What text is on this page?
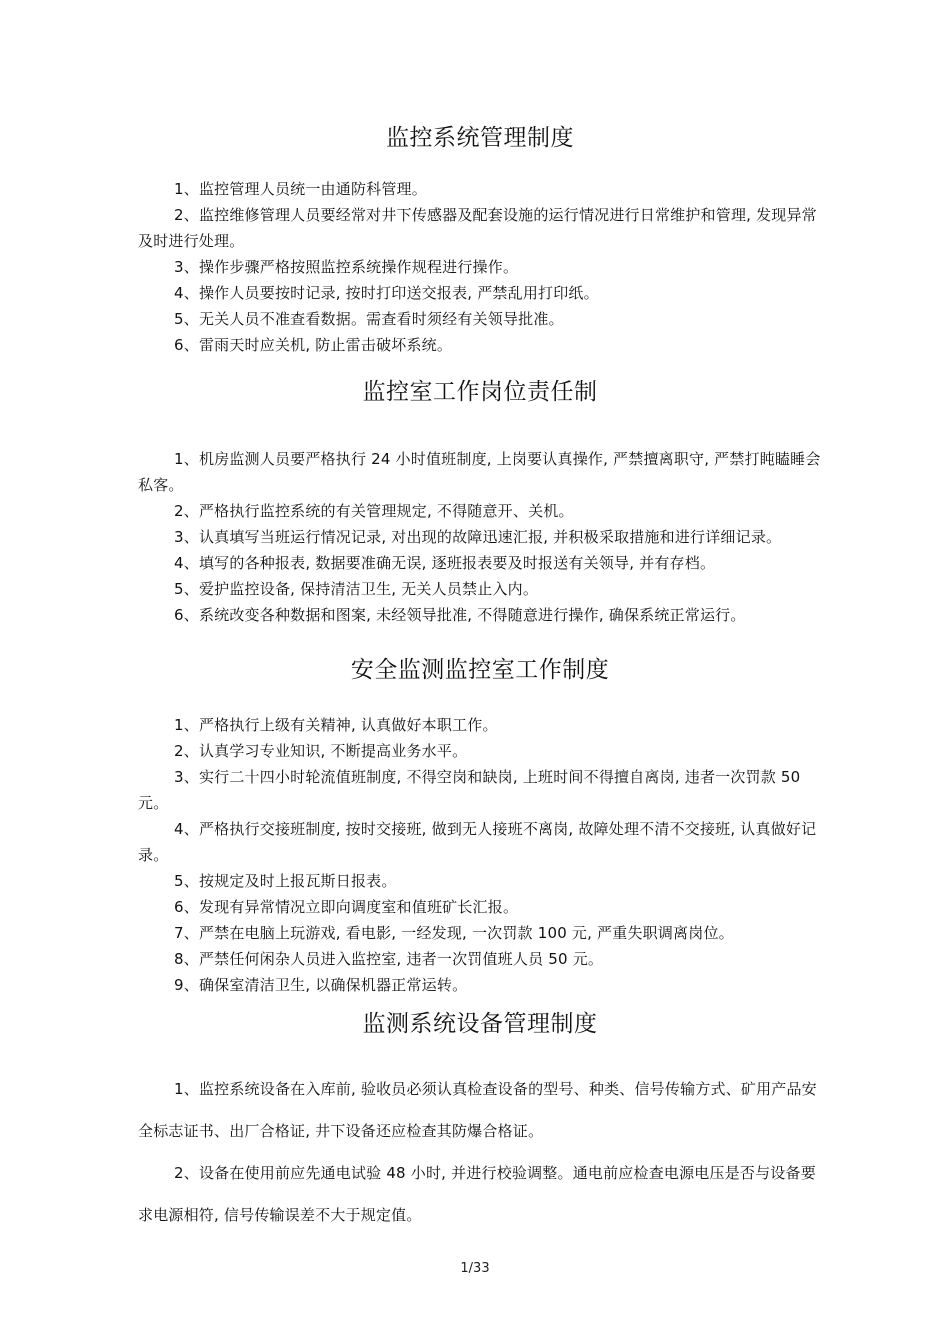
监控系统管理制度
1、监控管理人员统一由通防科管理。
2、监控维修管理人员要经常对井下传感器及配套设施的运行情况进行日常维护和管理, 发现异常及时进行处理。
3、操作步骤严格按照监控系统操作规程进行操作。
4、操作人员要按时记录, 按时打印送交报表, 严禁乱用打印纸。
5、无关人员不准查看数据。需查看时须经有关领导批准。
6、雷雨天时应关机, 防止雷击破坏系统。
监控室工作岗位责任制
1、机房监测人员要严格执行 24 小时值班制度, 上岗要认真操作, 严禁擅离职守, 严禁打盹瞌睡会私客。
2、严格执行监控系统的有关管理规定, 不得随意开、关机。
3、认真填写当班运行情况记录, 对出现的故障迅速汇报, 并积极采取措施和进行详细记录。
4、填写的各种报表, 数据要准确无误, 逐班报表要及时报送有关领导, 并有存档。
5、爱护监控设备, 保持清洁卫生, 无关人员禁止入内。
6、系统改变各种数据和图案, 未经领导批准, 不得随意进行操作, 确保系统正常运行。
安全监测监控室工作制度
1、严格执行上级有关精神, 认真做好本职工作。
2、认真学习专业知识, 不断提高业务水平。
3、实行二十四小时轮流值班制度, 不得空岗和缺岗, 上班时间不得擅自离岗, 违者一次罚款 50 元。
4、严格执行交接班制度, 按时交接班, 做到无人接班不离岗, 故障处理不清不交接班, 认真做好记录。
5、按规定及时上报瓦斯日报表。
6、发现有异常情况立即向调度室和值班矿长汇报。
7、严禁在电脑上玩游戏, 看电影, 一经发现, 一次罚款 100 元, 严重失职调离岗位。
8、严禁任何闲杂人员进入监控室, 违者一次罚值班人员 50 元。
9、确保室清洁卫生, 以确保机器正常运转。
监测系统设备管理制度
1、监控系统设备在入库前, 验收员必须认真检查设备的型号、种类、信号传输方式、矿用产品安全标志证书、出厂合格证, 井下设备还应检查其防爆合格证。
2、设备在使用前应先通电试验 48 小时, 并进行校验调整。通电前应检查电源电压是否与设备要求电源相符, 信号传输误差不大于规定值。
1/33
